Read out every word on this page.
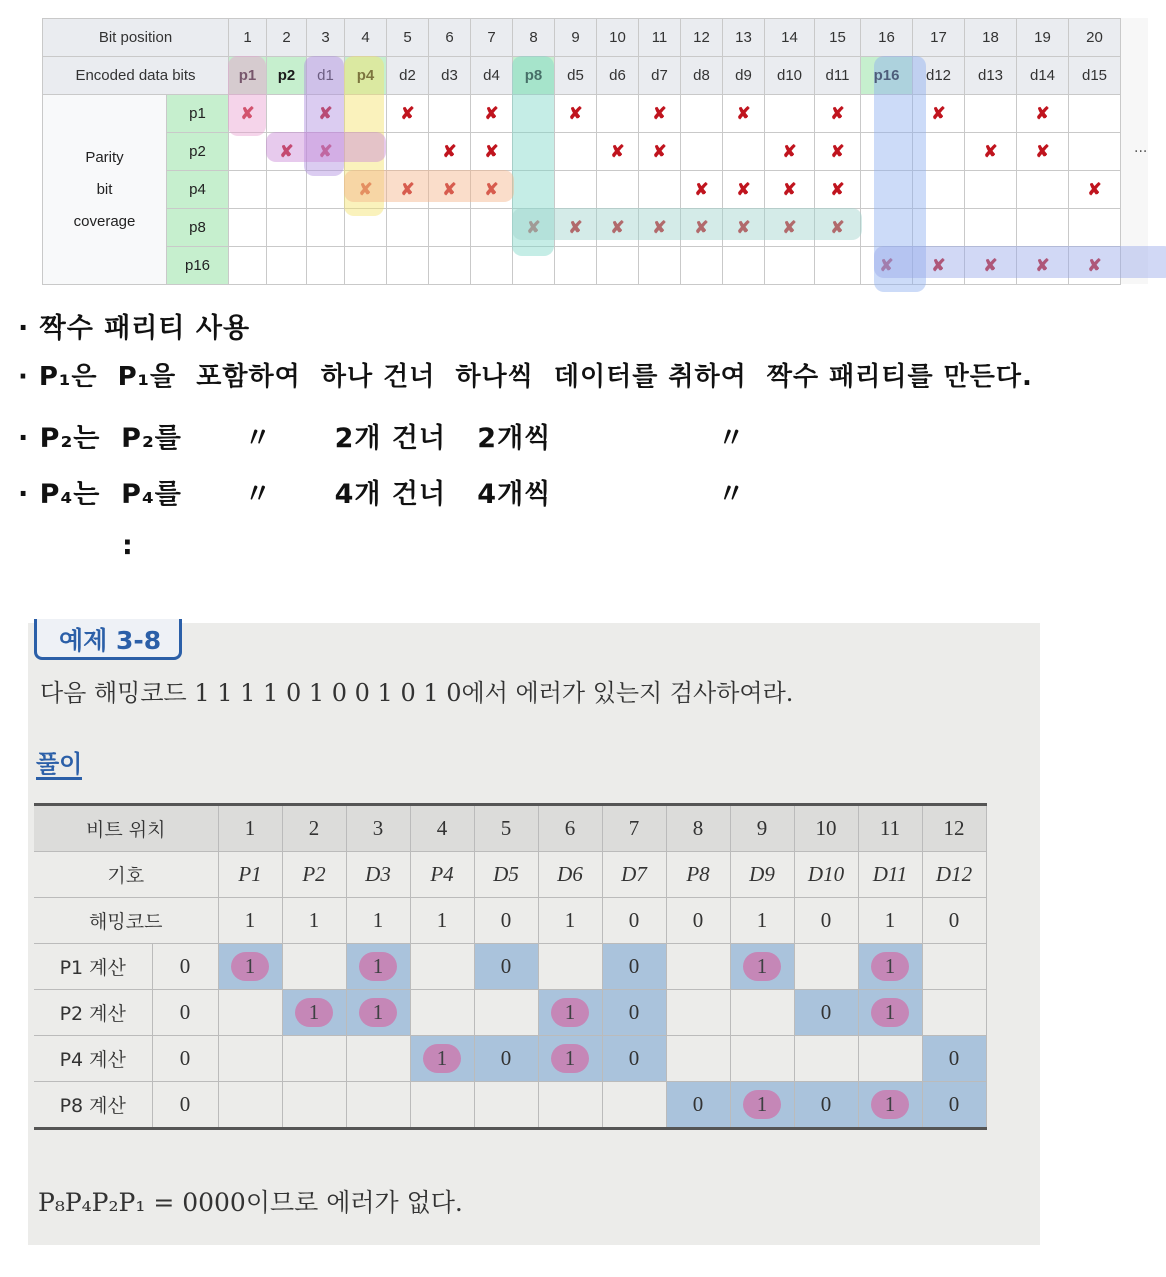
Bit position		1	2	3	4	5	6	7	8	9	10	11	12	13	14	15	16	17	18	19	20
Encoded data bits		p1	p2	d1	p4	d2	d3	d4	p8	d5	d6	d7	d8	d9	d10	d11	p16	d12	d13	d14	d15

Parity
bit
coverage	p1	✘		✘		✘		✘		✘		✘		✘		✘		✘		✘	
	p2		✘	✘			✘	✘			✘	✘			✘	✘			✘	✘	
	p4				✘	✘	✘	✘					✘	✘	✘	✘					✘
	p8								✘	✘	✘	✘	✘	✘	✘	✘					
	p16																✘	✘	✘	✘	✘
...
· 짝수 패리티 사용
· P₁은  P₁을  포함하여  하나 건너  하나씩  데이터를 취하여  짝수 패리티를 만든다.
· P₂는  P₂를      〃      2개 건너   2개씩                〃
· P₄는  P₄를      〃      4개 건너   4개씩                〃
:
예제 3-8
다음 해밍코드 1 1 1 1 0 1 0 0 1 0 1 0에서 에러가 있는지 검사하여라.
풀이
비트 위치		1	2	3	4	5	6	7	8	9	10	11	12
기호		P1	P2	D3	P4	D5	D6	D7	P8	D9	D10	D11	D12
해밍코드		1	1	1	1	0	1	0	0	1	0	1	0
P1 계산	0	1		1		0		0		1		1	
P2 계산	0		1	1			1	0			0	1	
P4 계산	0				1	0	1	0					0
P8 계산	0								0	1	0	1	0
P₈P₄P₂P₁ = 0000이므로 에러가 없다.
